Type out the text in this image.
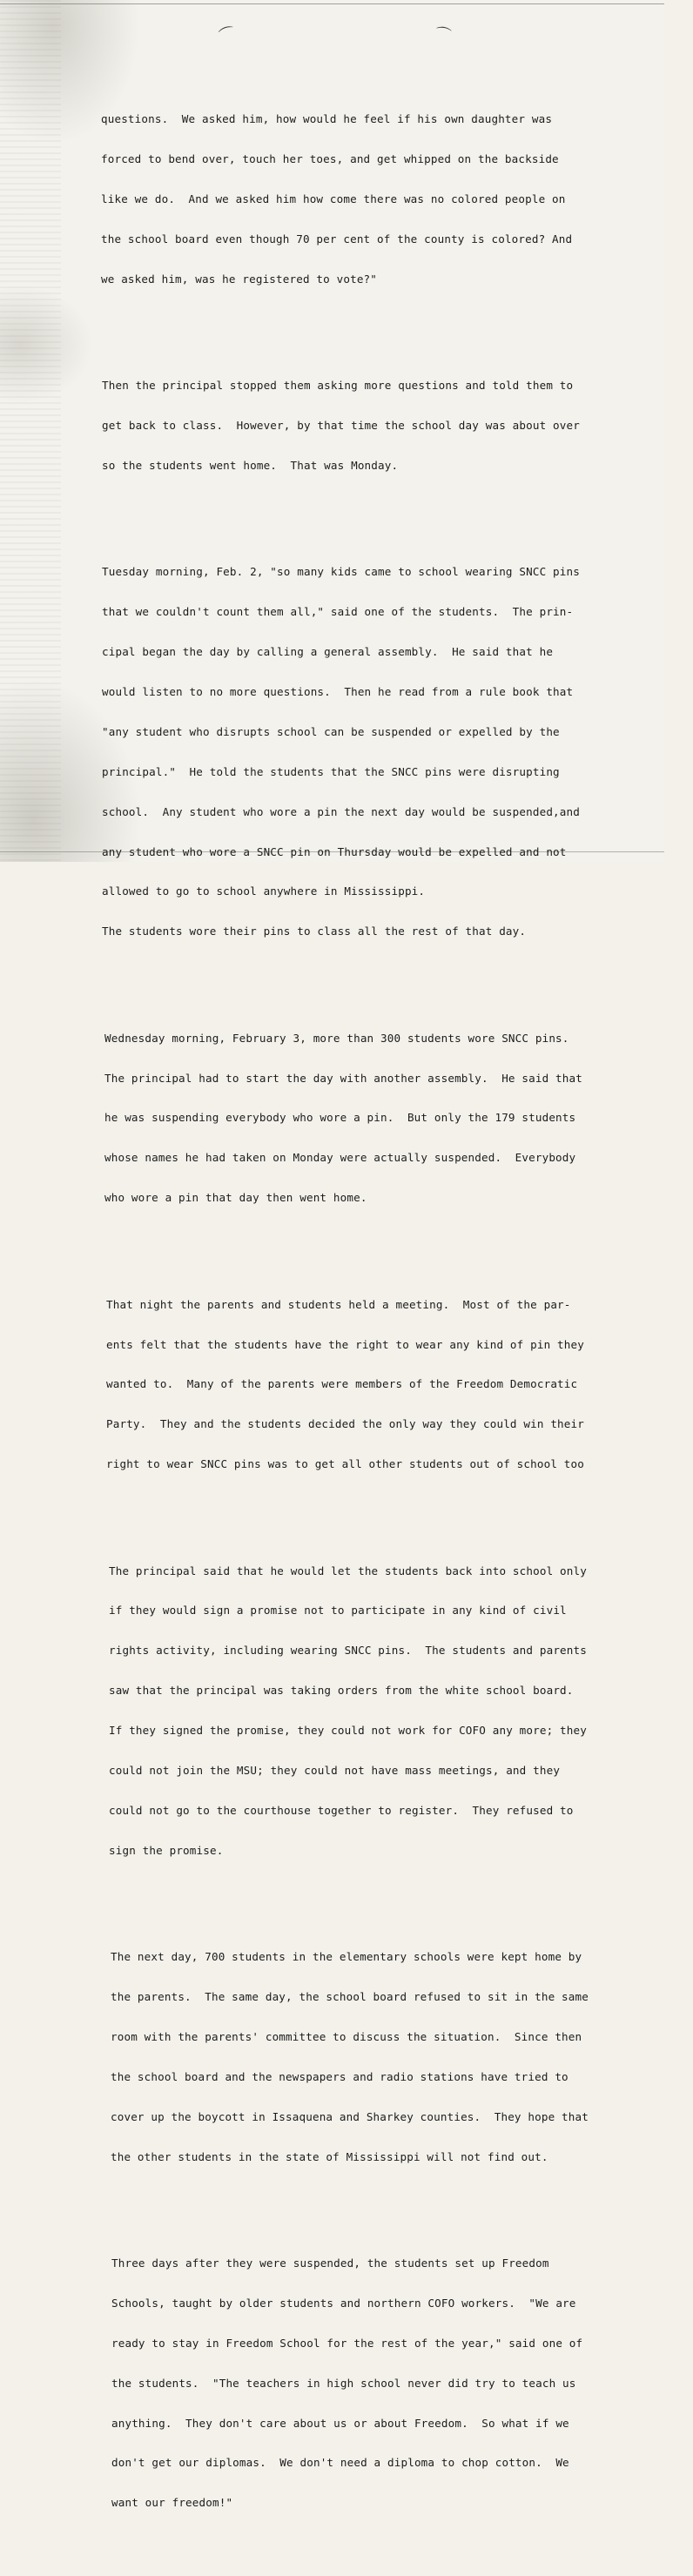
⌒	⌒

questions.  We asked him, how would he feel if his own daughter was

forced to bend over, touch her toes, and get whipped on the backside

like we do.  And we asked him how come there was no colored people on

the school board even though 70 per cent of the county is colored? And

we asked him, was he registered to vote?"

Then the principal stopped them asking more questions and told them to

get back to class.  However, by that time the school day was about over

so the students went home.  That was Monday.

Tuesday morning, Feb. 2, "so many kids came to school wearing SNCC pins

that we couldn't count them all," said one of the students.  The prin-

cipal began the day by calling a general assembly.  He said that he

would listen to no more questions.  Then he read from a rule book that

"any student who disrupts school can be suspended or expelled by the

principal."  He told the students that the SNCC pins were disrupting

school.  Any student who wore a pin the next day would be suspended,and

any student who wore a SNCC pin on Thursday would be expelled and not

allowed to go to school anywhere in Mississippi.

The students wore their pins to class all the rest of that day.

Wednesday morning, February 3, more than 300 students wore SNCC pins.

The principal had to start the day with another assembly.  He said that

he was suspending everybody who wore a pin.  But only the 179 students

whose names he had taken on Monday were actually suspended.  Everybody

who wore a pin that day then went home.

That night the parents and students held a meeting.  Most of the par-

ents felt that the students have the right to wear any kind of pin they

wanted to.  Many of the parents were members of the Freedom Democratic

Party.  They and the students decided the only way they could win their

right to wear SNCC pins was to get all other students out of school too

The principal said that he would let the students back into school only

if they would sign a promise not to participate in any kind of civil

rights activity, including wearing SNCC pins.  The students and parents

saw that the principal was taking orders from the white school board.

If they signed the promise, they could not work for COFO any more; they

could not join the MSU; they could not have mass meetings, and they

could not go to the courthouse together to register.  They refused to

sign the promise.

The next day, 700 students in the elementary schools were kept home by

the parents.  The same day, the school board refused to sit in the same

room with the parents' committee to discuss the situation.  Since then

the school board and the newspapers and radio stations have tried to

cover up the boycott in Issaquena and Sharkey counties.  They hope that

the other students in the state of Mississippi will not find out.

Three days after they were suspended, the students set up Freedom

Schools, taught by older students and northern COFO workers.  "We are

ready to stay in Freedom School for the rest of the year," said one of

the students.  "The teachers in high school never did try to teach us

anything.  They don't care about us or about Freedom.  So what if we

don't get our diplomas.  We don't need a diploma to chop cotton.  We

want our freedom!"
